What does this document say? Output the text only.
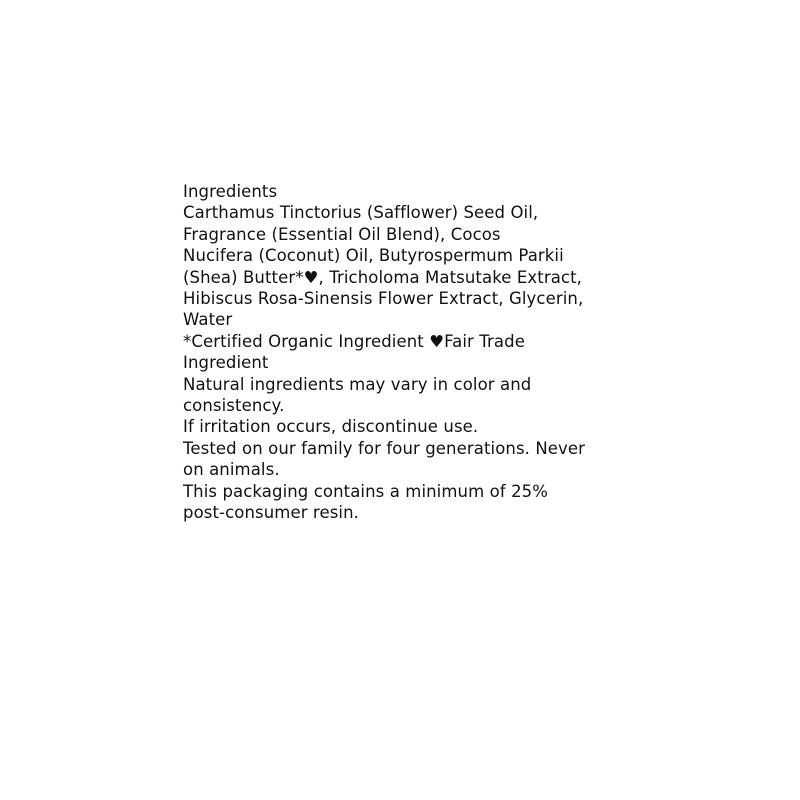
Ingredients
Carthamus Tinctorius (Safflower) Seed Oil,
Fragrance (Essential Oil Blend), Cocos
Nucifera (Coconut) Oil, Butyrospermum Parkii
(Shea) Butter*♥, Tricholoma Matsutake Extract,
Hibiscus Rosa-Sinensis Flower Extract, Glycerin,
Water
*Certified Organic Ingredient ♥Fair Trade
Ingredient
Natural ingredients may vary in color and
consistency.
If irritation occurs, discontinue use.
Tested on our family for four generations. Never
on animals.
This packaging contains a minimum of 25%
post-consumer resin.
